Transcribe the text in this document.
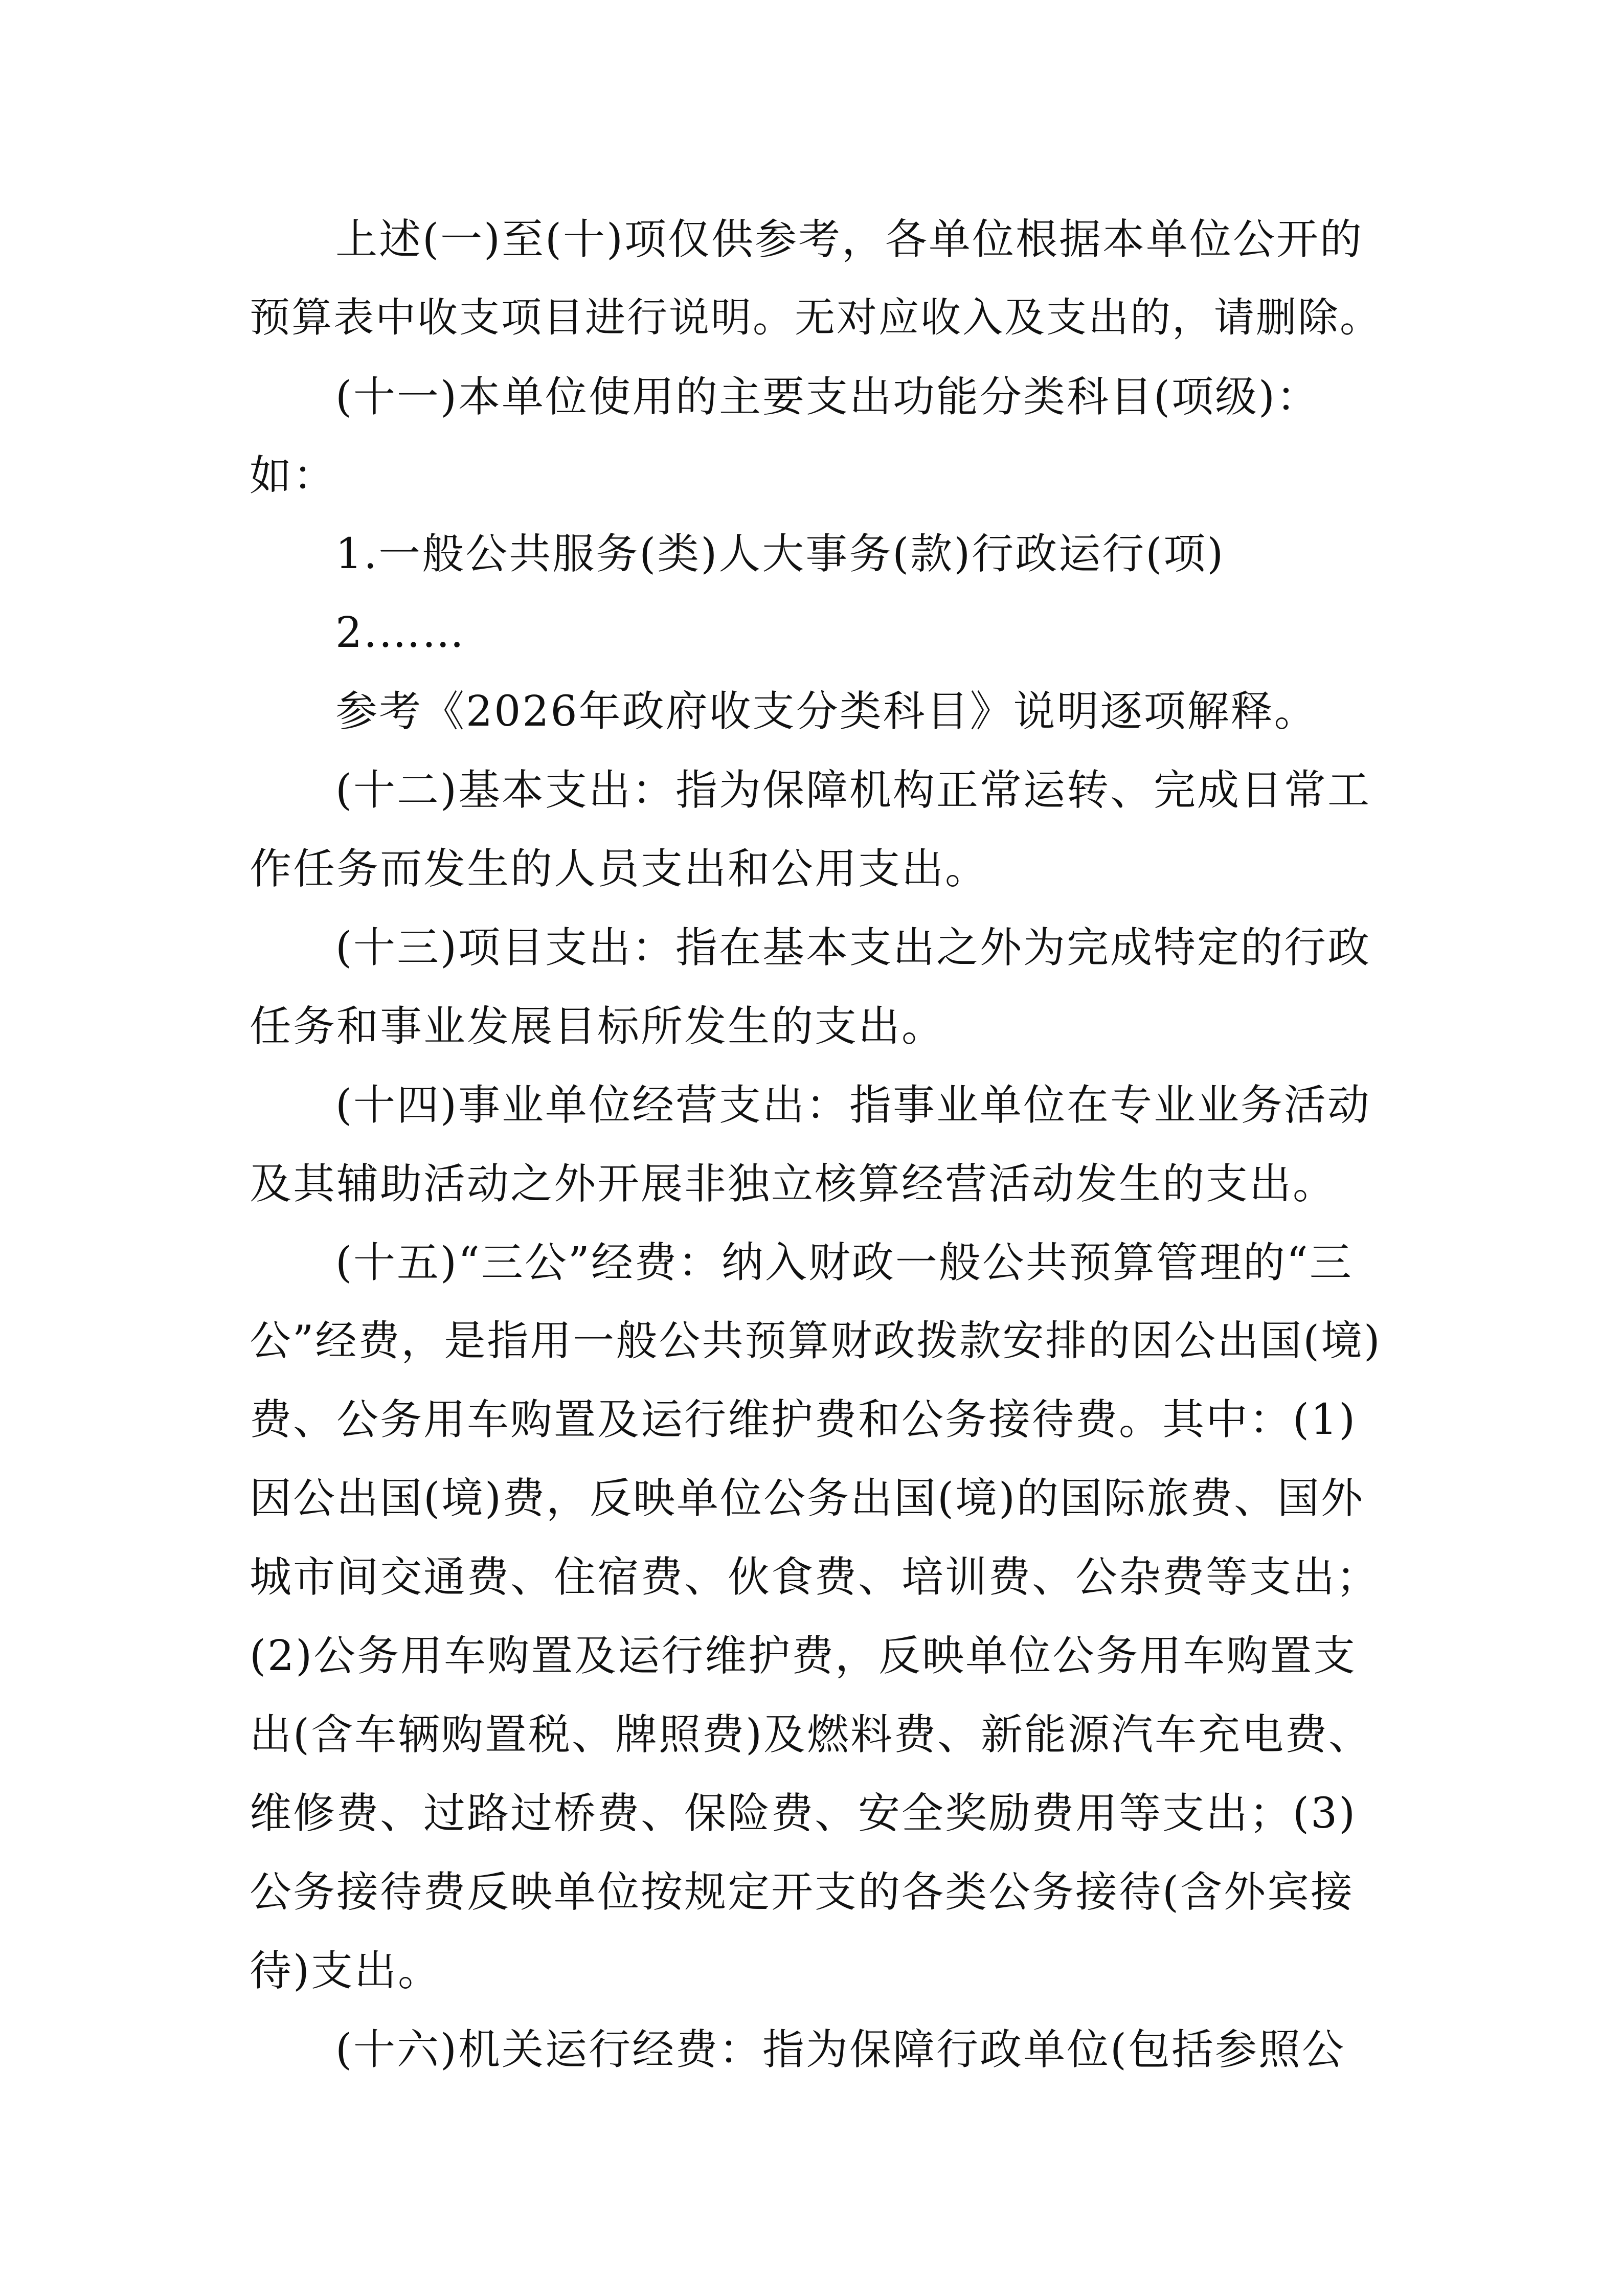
上述(一)至(十)项仅供参考，各单位根据本单位公开的
预算表中收支项目进行说明。无对应收入及支出的，请删除。
(十一)本单位使用的主要支出功能分类科目(项级)：
如：
1.一般公共服务(类)人大事务(款)行政运行(项)
2.……
参考《2026年政府收支分类科目》说明逐项解释。
(十二)基本支出：指为保障机构正常运转、完成日常工
作任务而发生的人员支出和公用支出。
(十三)项目支出：指在基本支出之外为完成特定的行政
任务和事业发展目标所发生的支出。
(十四)事业单位经营支出：指事业单位在专业业务活动
及其辅助活动之外开展非独立核算经营活动发生的支出。
(十五)“三公”经费：纳入财政一般公共预算管理的“三
公”经费，是指用一般公共预算财政拨款安排的因公出国(境)
费、公务用车购置及运行维护费和公务接待费。其中：(1)
因公出国(境)费，反映单位公务出国(境)的国际旅费、国外
城市间交通费、住宿费、伙食费、培训费、公杂费等支出；
(2)公务用车购置及运行维护费，反映单位公务用车购置支
出(含车辆购置税、牌照费)及燃料费、新能源汽车充电费、
维修费、过路过桥费、保险费、安全奖励费用等支出；(3)
公务接待费反映单位按规定开支的各类公务接待(含外宾接
待)支出。
(十六)机关运行经费：指为保障行政单位(包括参照公
